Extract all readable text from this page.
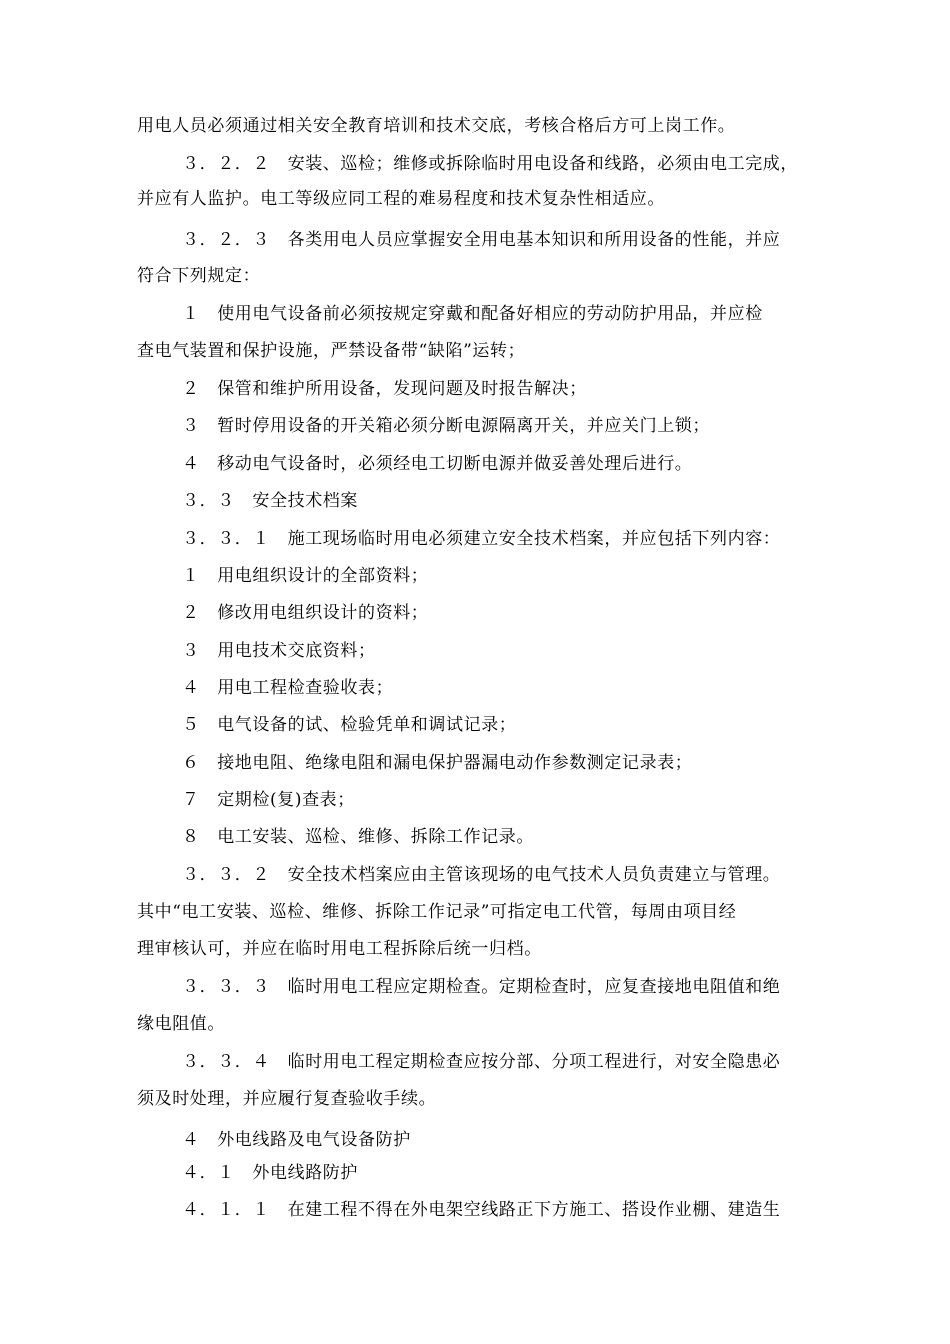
用电人员必须通过相关安全教育培训和技术交底，考核合格后方可上岗工作。
３．２．２　安装、巡检；维修或拆除临时用电设备和线路，必须由电工完成，
并应有人监护。电工等级应同工程的难易程度和技术复杂性相适应。
３．２．３　各类用电人员应掌握安全用电基本知识和所用设备的性能，并应
符合下列规定：
１　使用电气设备前必须按规定穿戴和配备好相应的劳动防护用品，并应检
查电气装置和保护设施，严禁设备带“缺陷”运转；
２　保管和维护所用设备，发现问题及时报告解决；
３　暂时停用设备的开关箱必须分断电源隔离开关，并应关门上锁；
４　移动电气设备时，必须经电工切断电源并做妥善处理后进行。
３．３　安全技术档案
３．３．１　施工现场临时用电必须建立安全技术档案，并应包括下列内容：
１　用电组织设计的全部资料；
２　修改用电组织设计的资料；
３　用电技术交底资料；
４　用电工程检查验收表；
５　电气设备的试、检验凭单和调试记录；
６　接地电阻、绝缘电阻和漏电保护器漏电动作参数测定记录表；
７　定期检(复)查表；
８　电工安装、巡检、维修、拆除工作记录。
３．３．２　安全技术档案应由主管该现场的电气技术人员负责建立与管理。
其中“电工安装、巡检、维修、拆除工作记录”可指定电工代管，每周由项目经
理审核认可，并应在临时用电工程拆除后统一归档。
３．３．３　临时用电工程应定期检查。定期检查时，应复查接地电阻值和绝
缘电阻值。
３．３．４　临时用电工程定期检查应按分部、分项工程进行，对安全隐患必
须及时处理，并应履行复查验收手续。
４　外电线路及电气设备防护
４．１　外电线路防护
４．１．１　在建工程不得在外电架空线路正下方施工、搭设作业棚、建造生
